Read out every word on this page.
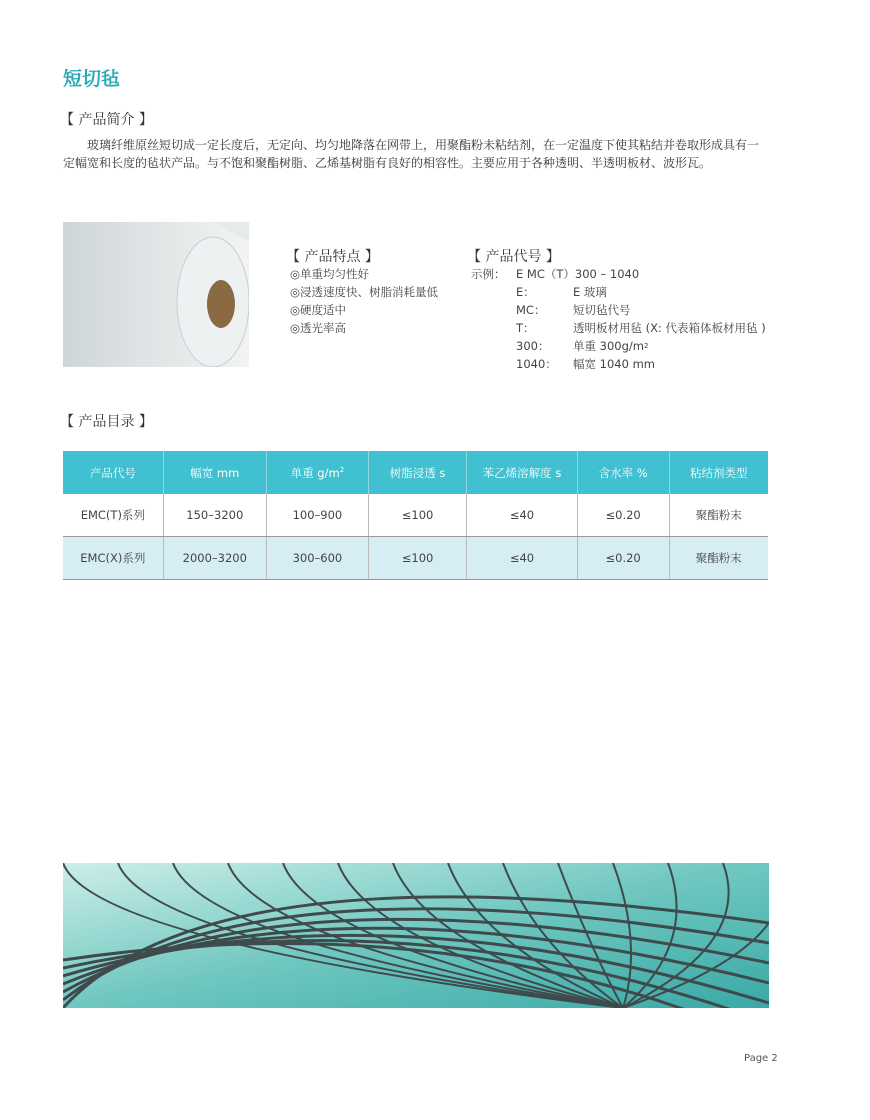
短切毡
【 产品简介 】
玻璃纤维原丝短切成一定长度后，无定向、均匀地降落在网带上，用聚酯粉未粘结剂，在一定温度下使其粘结并卷取形成具有一定幅宽和长度的毡状产品。与不饱和聚酯树脂、乙烯基树脂有良好的相容性。主要应用于各种透明、半透明板材、波形瓦。
【 产品特点 】
◎单重均匀性好
◎浸透速度快、树脂消耗量低
◎硬度适中
◎透光率高
【 产品代号 】
示例： E MC（T）300 – 1040
E：	E 玻璃
MC：	短切毡代号
T：	透明板材用毡 (X: 代表箱体板材用毡 )
300：	单重 300g/m 2
1040：	幅宽 1040 mm
【 产品目录 】
产品代号	幅宽 mm	单重 $g/m^2$	树脂浸透 s	苯乙烯溶解度 s	含水率 %	粘结剂类型
EMC(T)系列	150–3200	100–900	≤100	≤40	≤0.20	聚酯粉末
EMC(X)系列	2000–3200	300–600	≤100	≤40	≤0.20	聚酯粉末
Page 2
